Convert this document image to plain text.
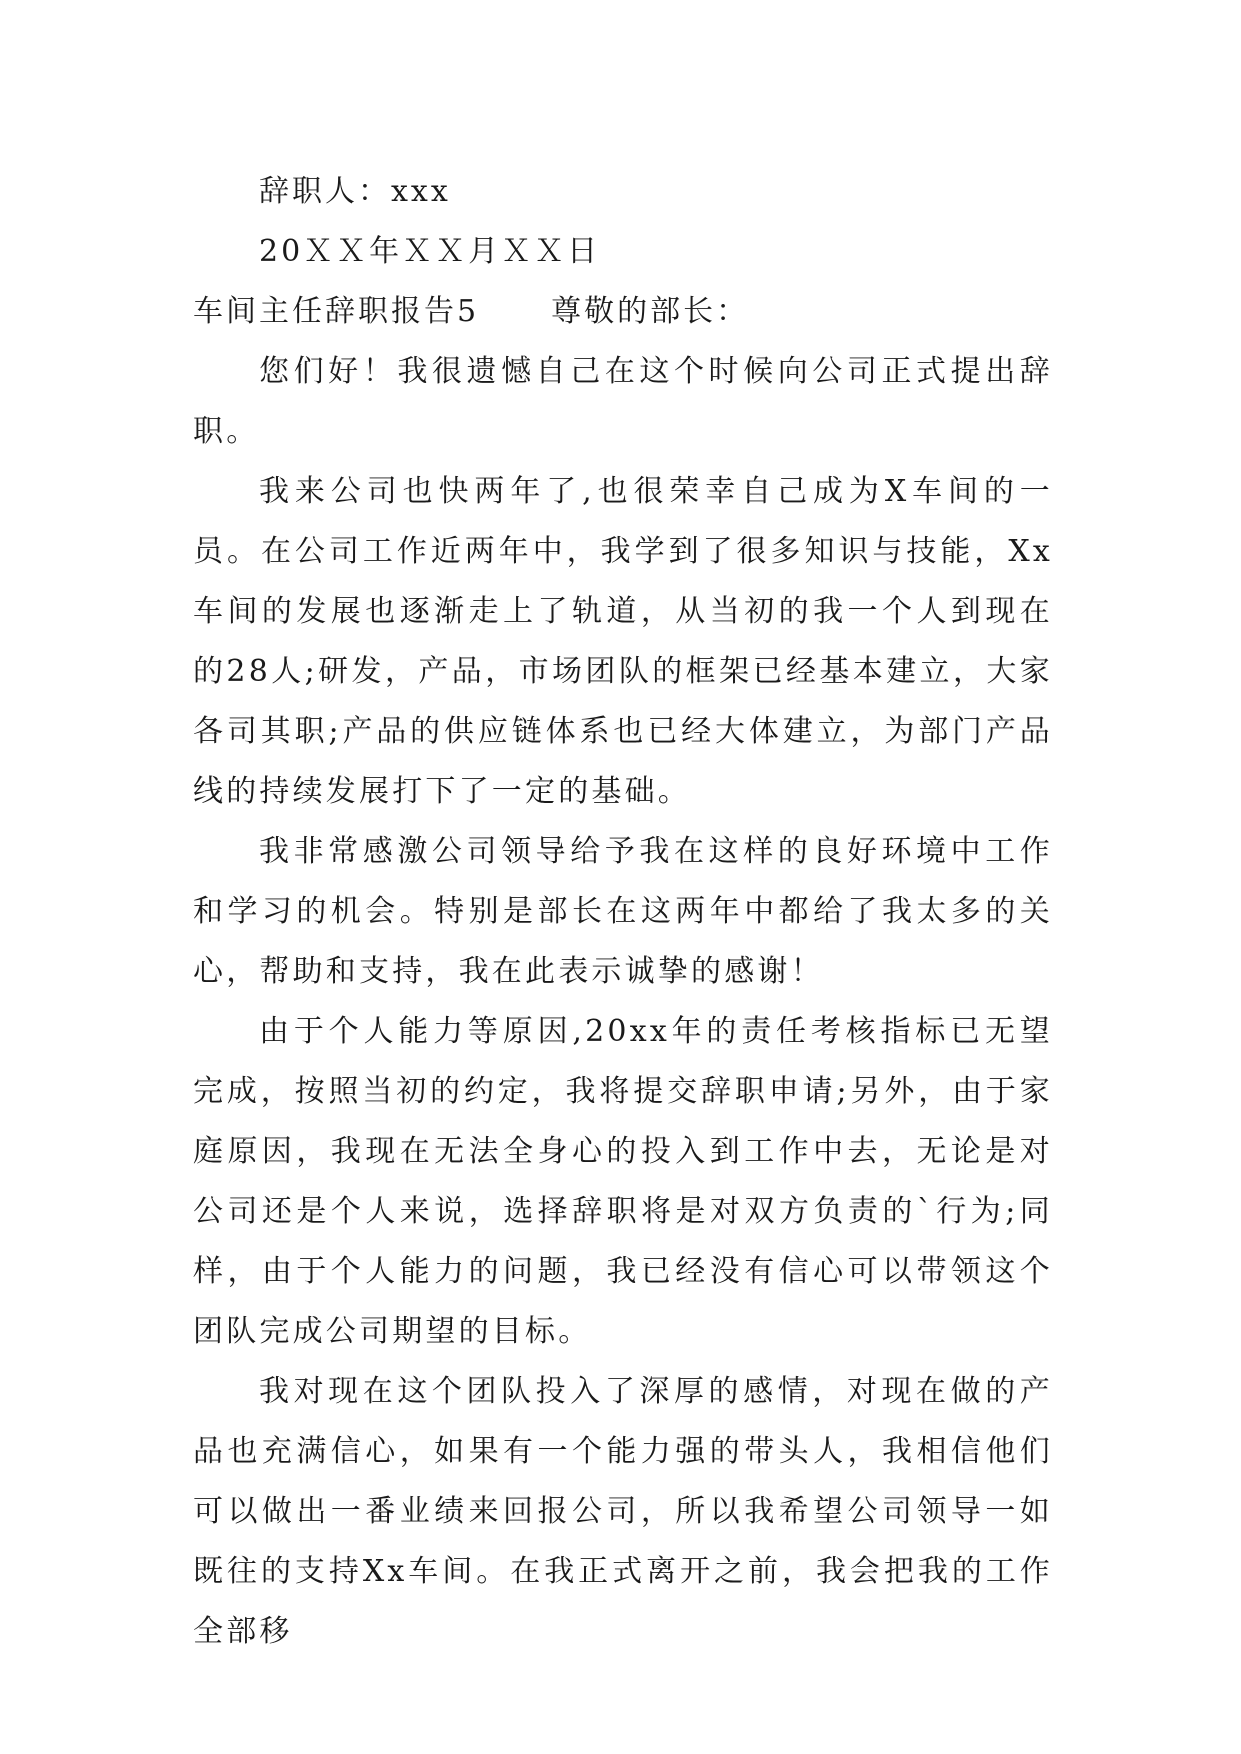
辞职人：xxx
20ＸＸ年ＸＸ月ＸＸ日
车间主任辞职报告5 尊敬的部长：

您们好！我很遗憾自己在这个时候向公司正式提出辞职。

我来公司也快两年了,也很荣幸自己成为X车间的一员。在公司工作近两年中，我学到了很多知识与技能，Xx车间的发展也逐渐走上了轨道，从当初的我一个人到现在的28人;研发，产品，市场团队的框架已经基本建立，大家各司其职;产品的供应链体系也已经大体建立，为部门产品线的持续发展打下了一定的基础。

我非常感激公司领导给予我在这样的良好环境中工作和学习的机会。特别是部长在这两年中都给了我太多的关心，帮助和支持，我在此表示诚挚的感谢！

由于个人能力等原因,20xx年的责任考核指标已无望完成，按照当初的约定，我将提交辞职申请;另外，由于家庭原因，我现在无法全身心的投入到工作中去，无论是对公司还是个人来说，选择辞职将是对双方负责的`行为;同样，由于个人能力的问题，我已经没有信心可以带领这个团队完成公司期望的目标。

我对现在这个团队投入了深厚的感情，对现在做的产品也充满信心，如果有一个能力强的带头人，我相信他们可以做出一番业绩来回报公司，所以我希望公司领导一如既往的支持Xx车间。在我正式离开之前，我会把我的工作全部移
